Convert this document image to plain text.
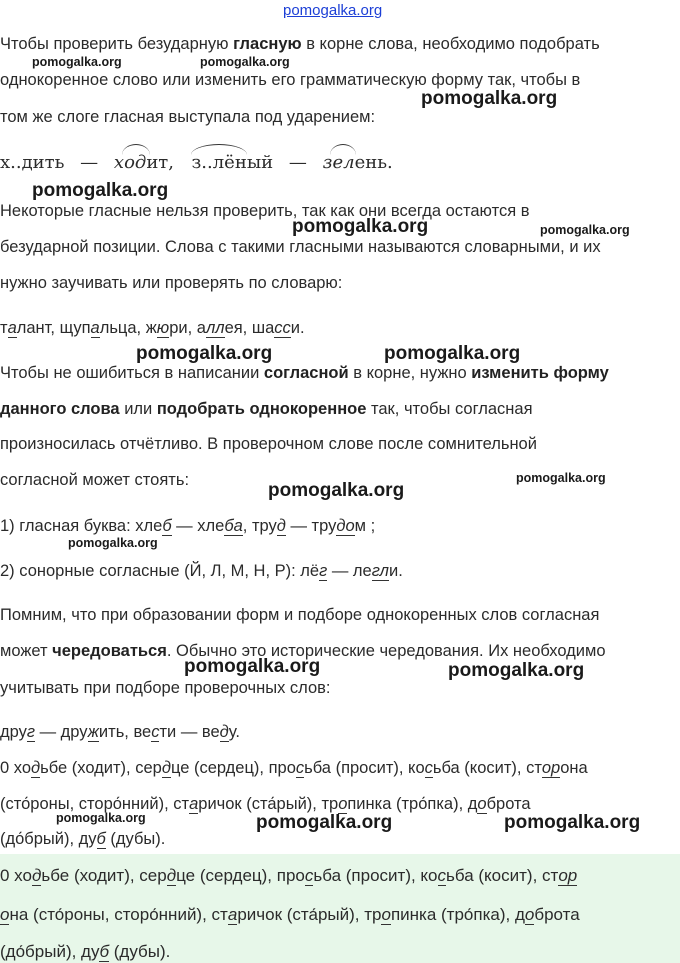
pomogalka.org
Чтобы проверить безударную гласную в корне слова, необходимо подобрать
pomogalka.org	pomogalka.org
однокоренное слово или изменить его грамматическую форму так, чтобы в
pomogalka.org
том же слоге гласная выступала под ударением:
х..дить — ход
ит, з..лёный — зел
ень.
pomogalka.org
Некоторые гласные нельзя проверить, так как они всегда остаются в
pomogalka.org	pomogalka.org
безударной позиции. Слова с такими гласными называются словарными, и их
нужно заучивать или проверять по словарю:
талант, щупальца, жюри, аллея, шасси.
pomogalka.org	pomogalka.org
Чтобы не ошибиться в написании согласной в корне, нужно изменить форму
данного слова или подобрать однокоренное так, чтобы согласная
произносилась отчётливо. В проверочном слове после сомнительной
pomogalka.org
согласной может стоять:	pomogalka.org
1) гласная буква: хлеб — хлеба, труд — трудом ;
pomogalka.org
2) сонорные согласные (Й, Л, М, Н, Р): лёг — легли.
Помним, что при образовании форм и подборе однокоренных слов согласная
может чередоваться. Обычно это исторические чередования. Их необходимо
pomogalka.org	pomogalka.org
учитывать при подборе проверочных слов:
друг — дружить, вести — веду.
0 ходьбе (ходит), сердце (сердец), просьба (просит), косьба (косит), сторона
(сто́роны, сторо́нний), старичок (ста́рый), тропинка (тро́пка), доброта
pomogalka.org	pomogalka.org	pomogalka.org
(до́брый), дуб (дубы).
0 ходьбе (ходит), сердце (сердец), просьба (просит), косьба (косит), стор
она (сто́роны, сторо́нний), старичок (ста́рый), тропинка (тро́пка), доброта
(до́брый), дуб (дубы).
